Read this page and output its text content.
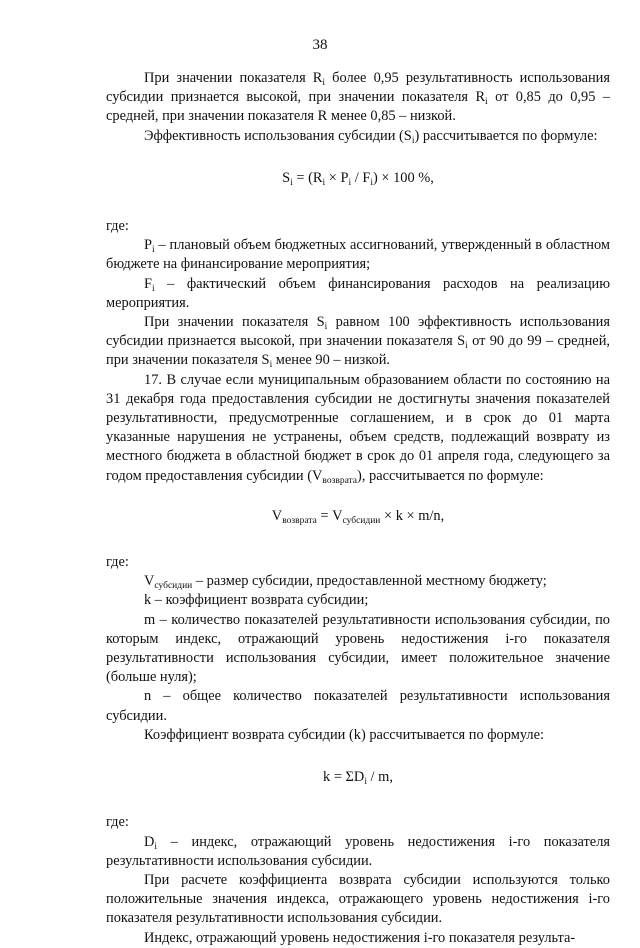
38

При значении показателя $R_i$ более 0,95 результативность использования субсидии признается высокой, при значении показателя $R_i$ от 0,85 до 0,95 – средней, при значении показателя R менее 0,85 – низкой.

Эффективность использования субсидии $(S_i)$ рассчитывается по формуле:

$S_i = (R_i \times P_i / F_i) \times 100$ %,

где:

$P_i$ – плановый объем бюджетных ассигнований, утвержденный в областном бюджете на финансирование мероприятия;

$F_i$ – фактический объем финансирования расходов на реализацию мероприятия.

При значении показателя $S_i$ равном 100 эффективность использования субсидии признается высокой, при значении показателя $S_i$ от 90 до 99 – средней, при значении показателя $S_i$ менее 90 – низкой.

17. В случае если муниципальным образованием области по состоянию на 31 декабря года предоставления субсидии не достигнуты значения показателей результативности, предусмотренные соглашением, и в срок до 01 марта указанные нарушения не устранены, объем средств, подлежащий возврату из местного бюджета в областной бюджет в срок до 01 апреля года, следующего за годом предоставления субсидии $(V_{возврата})$, рассчитывается по формуле:

$V_{возврата} = V_{субсидии} \times k \times m/n$,

где:

$V_{субсидии}$ – размер субсидии, предоставленной местному бюджету;

k – коэффициент возврата субсидии;

m – количество показателей результативности использования субсидии, по которым индекс, отражающий уровень недостижения i-го показателя результативности использования субсидии, имеет положительное значение (больше нуля);

n – общее количество показателей результативности использования субсидии.

Коэффициент возврата субсидии (k) рассчитывается по формуле:

$k = \Sigma D_i / m$,

где:

$D_i$ – индекс, отражающий уровень недостижения i-го показателя результативности использования субсидии.

При расчете коэффициента возврата субсидии используются только положительные значения индекса, отражающего уровень недостижения i-го показателя результативности использования субсидии.

Индекс, отражающий уровень недостижения i-го показателя результа-
